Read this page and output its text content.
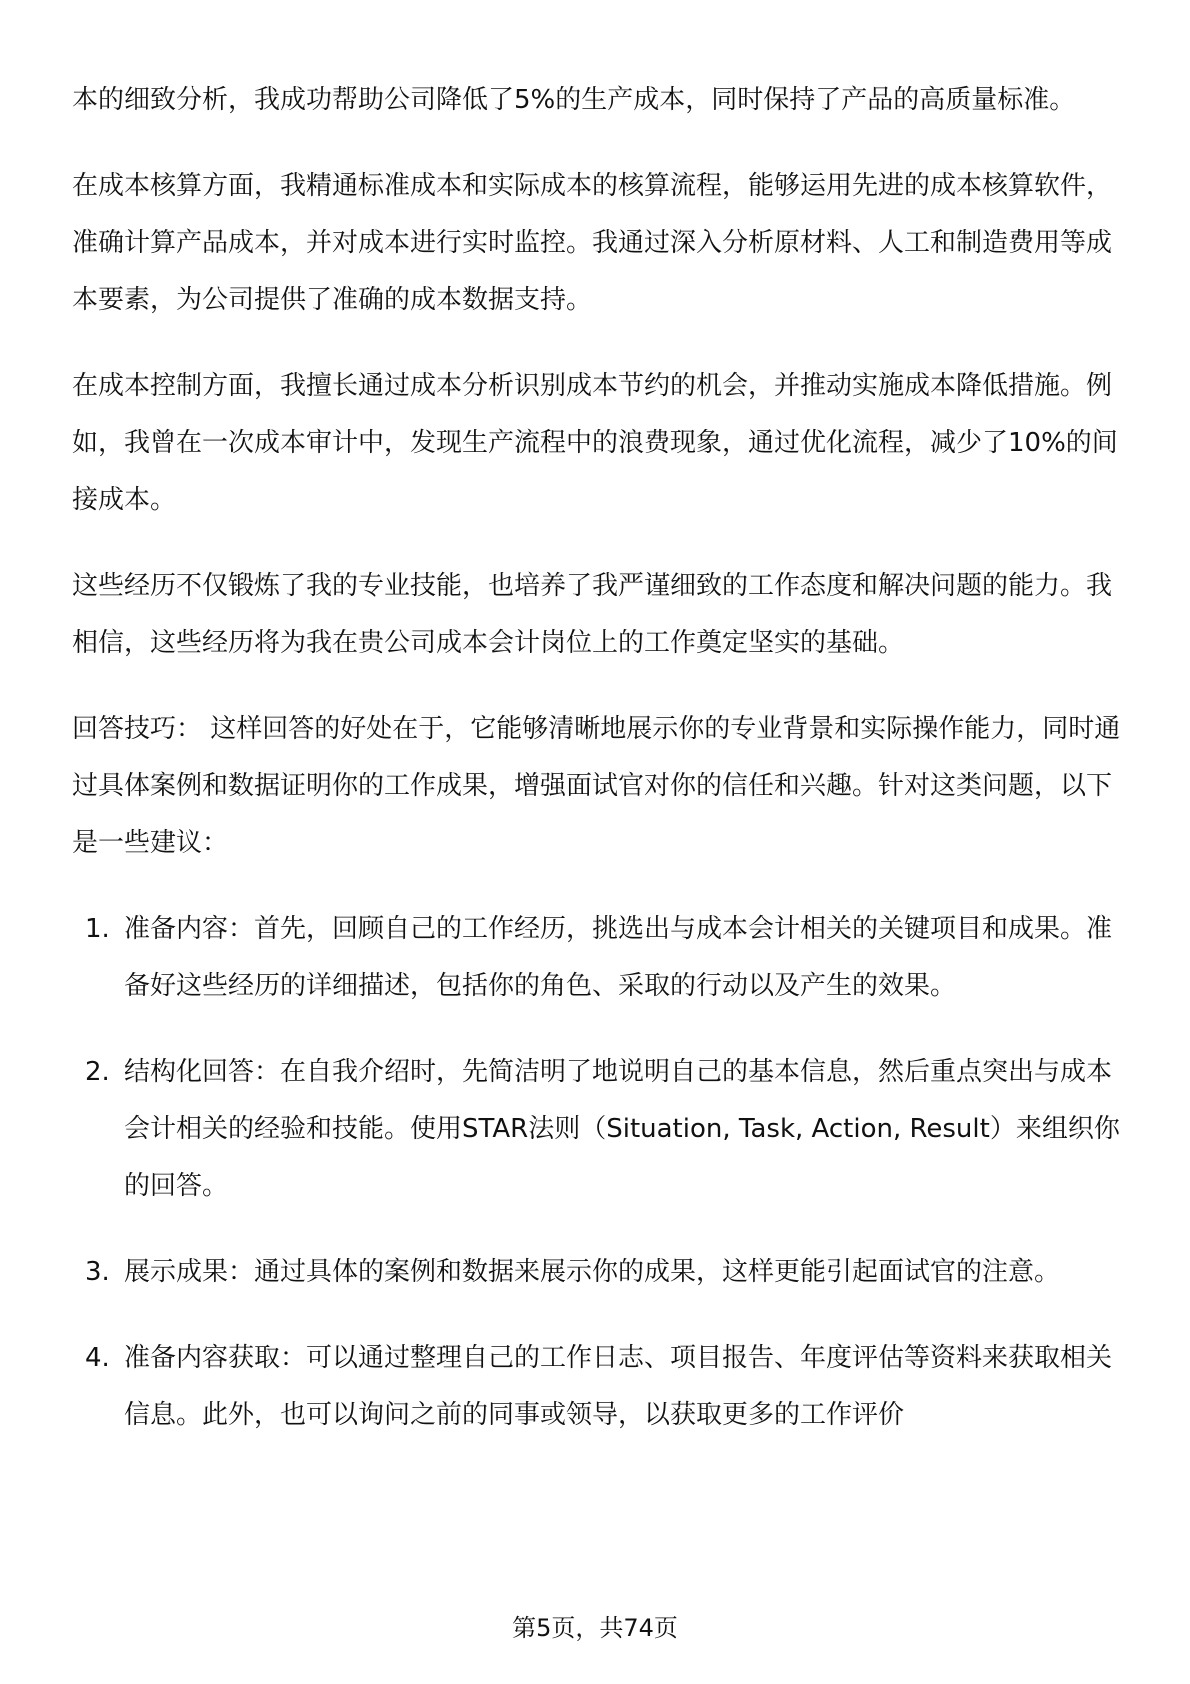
本的细致分析，我成功帮助公司降低了5%的生产成本，同时保持了产品的高质量标准。

在成本核算方面，我精通标准成本和实际成本的核算流程，能够运用先进的成本核算软件，准确计算产品成本，并对成本进行实时监控。我通过深入分析原材料、人工和制造费用等成本要素，为公司提供了准确的成本数据支持。

在成本控制方面，我擅长通过成本分析识别成本节约的机会，并推动实施成本降低措施。例如，我曾在一次成本审计中，发现生产流程中的浪费现象，通过优化流程，减少了10%的间接成本。

这些经历不仅锻炼了我的专业技能，也培养了我严谨细致的工作态度和解决问题的能力。我相信，这些经历将为我在贵公司成本会计岗位上的工作奠定坚实的基础。

回答技巧： 这样回答的好处在于，它能够清晰地展示你的专业背景和实际操作能力，同时通过具体案例和数据证明你的工作成果，增强面试官对你的信任和兴趣。针对这类问题，以下是一些建议：

1. 准备内容：首先，回顾自己的工作经历，挑选出与成本会计相关的关键项目和成果。准备好这些经历的详细描述，包括你的角色、采取的行动以及产生的效果。
2. 结构化回答：在自我介绍时，先简洁明了地说明自己的基本信息，然后重点突出与成本会计相关的经验和技能。使用STAR法则（Situation, Task, Action, Result）来组织你的回答。
3. 展示成果：通过具体的案例和数据来展示你的成果，这样更能引起面试官的注意。
4. 准备内容获取：可以通过整理自己的工作日志、项目报告、年度评估等资料来获取相关信息。此外，也可以询问之前的同事或领导，以获取更多的工作评价
第5页，共74页
